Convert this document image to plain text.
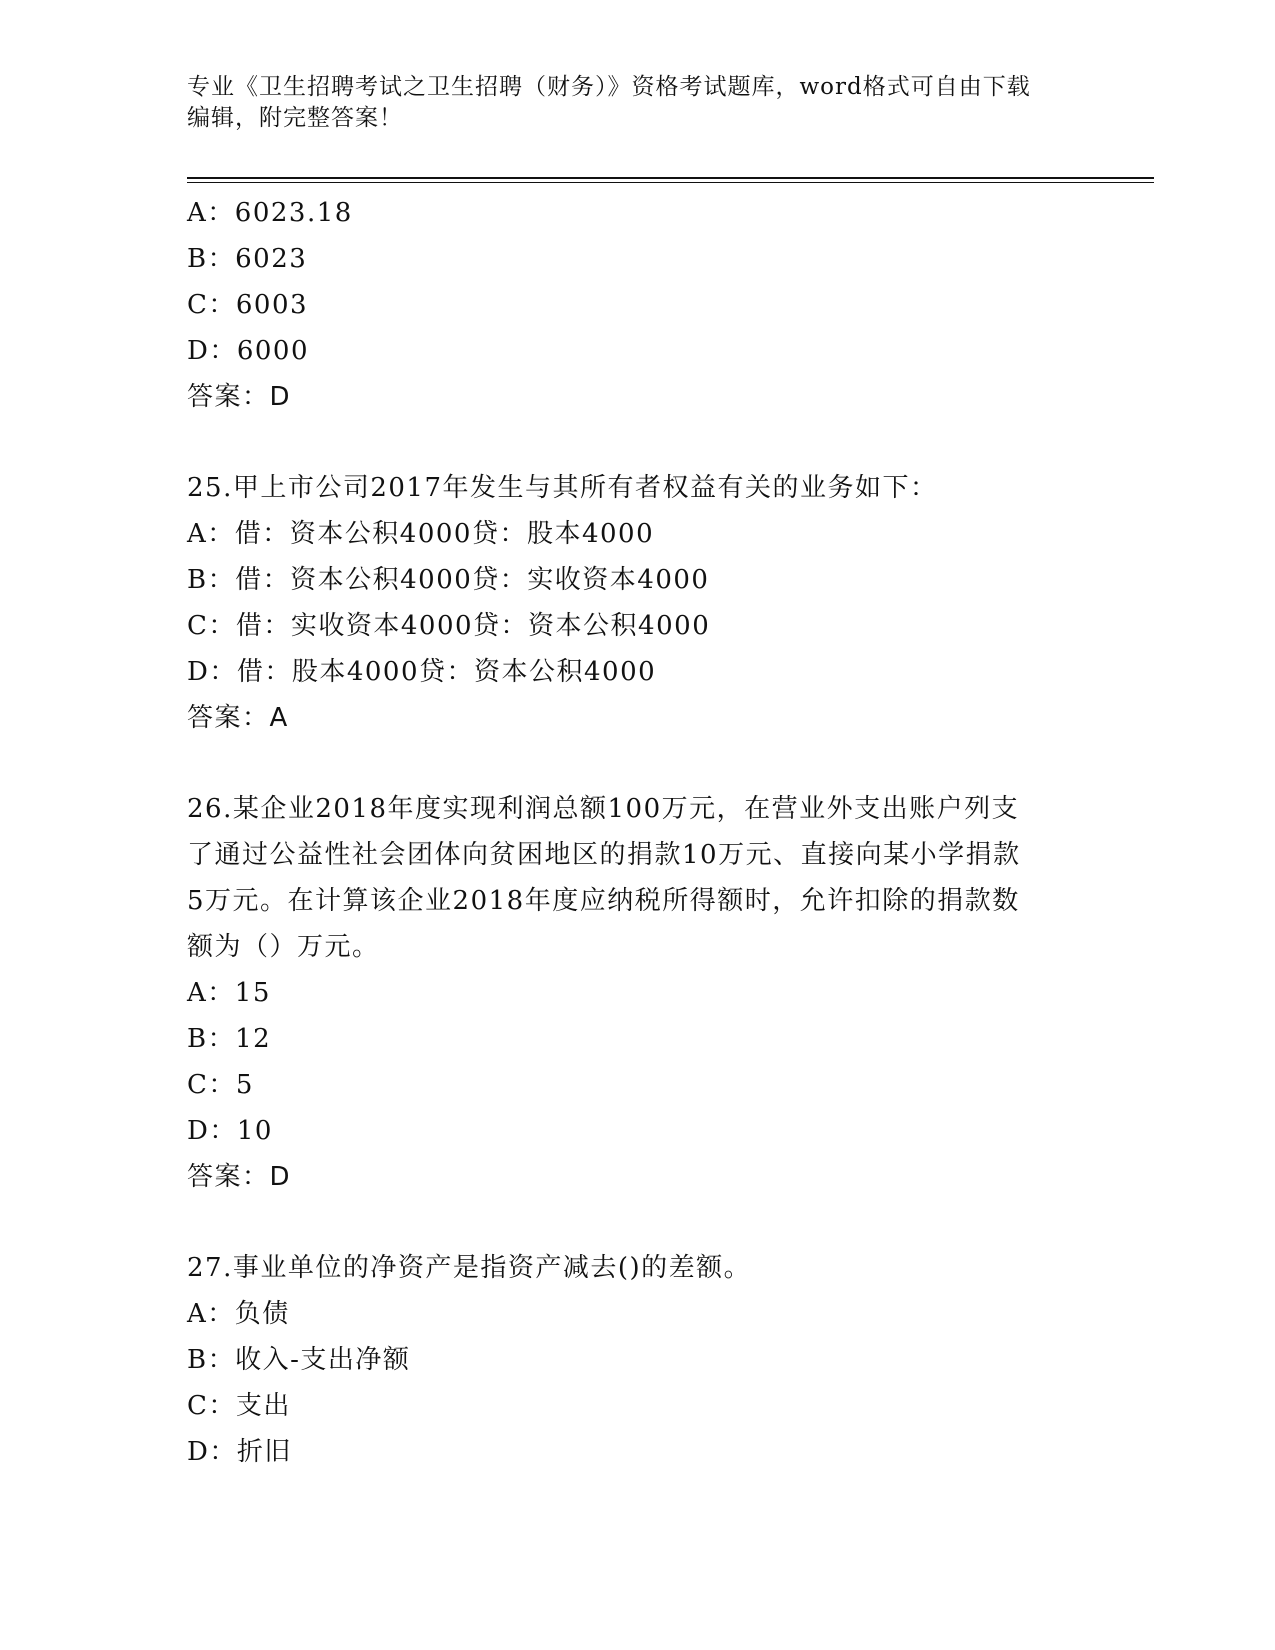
专业《卫生招聘考试之卫生招聘（财务）》资格考试题库，word格式可自由下载
编辑，附完整答案！
A：6023.18
B：6023
C：6003
D：6000
答案：D
25.甲上市公司2017年发生与其所有者权益有关的业务如下：
A：借：资本公积4000贷：股本4000
B：借：资本公积4000贷：实收资本4000
C：借：实收资本4000贷：资本公积4000
D：借：股本4000贷：资本公积4000
答案：A
26.某企业2018年度实现利润总额100万元，在营业外支出账户列支
了通过公益性社会团体向贫困地区的捐款10万元、直接向某小学捐款
5万元。在计算该企业2018年度应纳税所得额时，允许扣除的捐款数
额为（）万元。
A：15
B：12
C：5
D：10
答案：D
27.事业单位的净资产是指资产减去()的差额。
A：负债
B：收入-支出净额
C：支出
D：折旧
